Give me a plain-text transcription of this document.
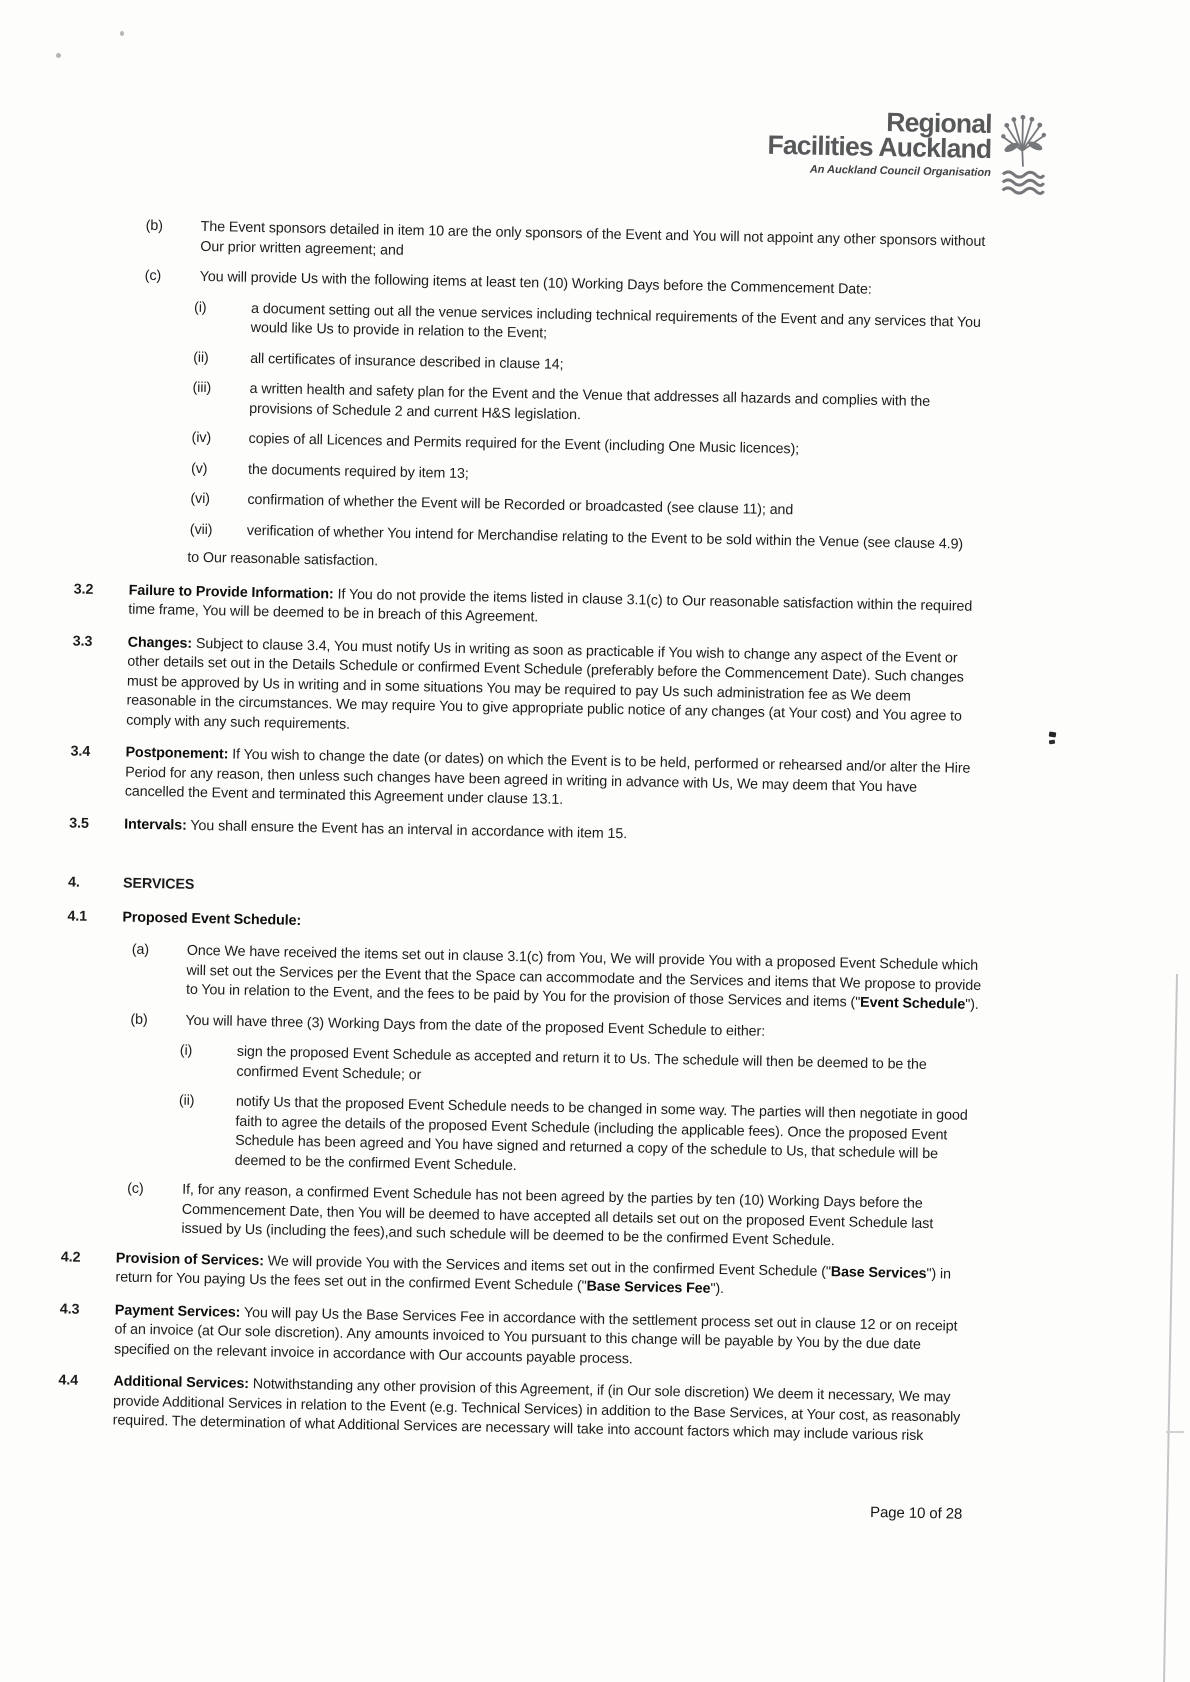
Regional
Facilities Auckland
An Auckland Council Organisation
(b)	The Event sponsors detailed in item 10 are the only sponsors of the Event and You will not appoint any other sponsors without Our prior written agreement; and
(c)	You will provide Us with the following items at least ten (10) Working Days before the Commencement Date:
(i)	a document setting out all the venue services including technical requirements of the Event and any services that You would like Us to provide in relation to the Event;
(ii)	all certificates of insurance described in clause 14;
(iii)	a written health and safety plan for the Event and the Venue that addresses all hazards and complies with the provisions of Schedule 2 and current H&S legislation.
(iv)	copies of all Licences and Permits required for the Event (including One Music licences);
(v)	the documents required by item 13;
(vi)	confirmation of whether the Event will be Recorded or broadcasted (see clause 11); and
(vii)	verification of whether You intend for Merchandise relating to the Event to be sold within the Venue (see clause 4.9)
to Our reasonable satisfaction.
3.2	Failure to Provide Information: If You do not provide the items listed in clause 3.1(c) to Our reasonable satisfaction within the required time frame, You will be deemed to be in breach of this Agreement.
3.3	Changes: Subject to clause 3.4, You must notify Us in writing as soon as practicable if You wish to change any aspect of the Event or other details set out in the Details Schedule or confirmed Event Schedule (preferably before the Commencement Date). Such changes must be approved by Us in writing and in some situations You may be required to pay Us such administration fee as We deem reasonable in the circumstances. We may require You to give appropriate public notice of any changes (at Your cost) and You agree to comply with any such requirements.
3.4	Postponement: If You wish to change the date (or dates) on which the Event is to be held, performed or rehearsed and/or alter the Hire Period for any reason, then unless such changes have been agreed in writing in advance with Us, We may deem that You have cancelled the Event and terminated this Agreement under clause 13.1.
3.5	Intervals: You shall ensure the Event has an interval in accordance with item 15.
4.	SERVICES
4.1	Proposed Event Schedule:
(a)	Once We have received the items set out in clause 3.1(c) from You, We will provide You with a proposed Event Schedule which will set out the Services per the Event that the Space can accommodate and the Services and items that We propose to provide to You in relation to the Event, and the fees to be paid by You for the provision of those Services and items ("Event Schedule").
(b)	You will have three (3) Working Days from the date of the proposed Event Schedule to either:
(i)	sign the proposed Event Schedule as accepted and return it to Us. The schedule will then be deemed to be the confirmed Event Schedule; or
(ii)	notify Us that the proposed Event Schedule needs to be changed in some way. The parties will then negotiate in good faith to agree the details of the proposed Event Schedule (including the applicable fees). Once the proposed Event Schedule has been agreed and You have signed and returned a copy of the schedule to Us, that schedule will be deemed to be the confirmed Event Schedule.
(c)	If, for any reason, a confirmed Event Schedule has not been agreed by the parties by ten (10) Working Days before the Commencement Date, then You will be deemed to have accepted all details set out on the proposed Event Schedule last issued by Us (including the fees),and such schedule will be deemed to be the confirmed Event Schedule.
4.2	Provision of Services: We will provide You with the Services and items set out in the confirmed Event Schedule ("Base Services") in return for You paying Us the fees set out in the confirmed Event Schedule ("Base Services Fee").
4.3	Payment Services: You will pay Us the Base Services Fee in accordance with the settlement process set out in clause 12 or on receipt of an invoice (at Our sole discretion). Any amounts invoiced to You pursuant to this change will be payable by You by the due date specified on the relevant invoice in accordance with Our accounts payable process.
4.4	Additional Services: Notwithstanding any other provision of this Agreement, if (in Our sole discretion) We deem it necessary, We may provide Additional Services in relation to the Event (e.g. Technical Services) in addition to the Base Services, at Your cost, as reasonably required. The determination of what Additional Services are necessary will take into account factors which may include various risk
Page 10 of 28
